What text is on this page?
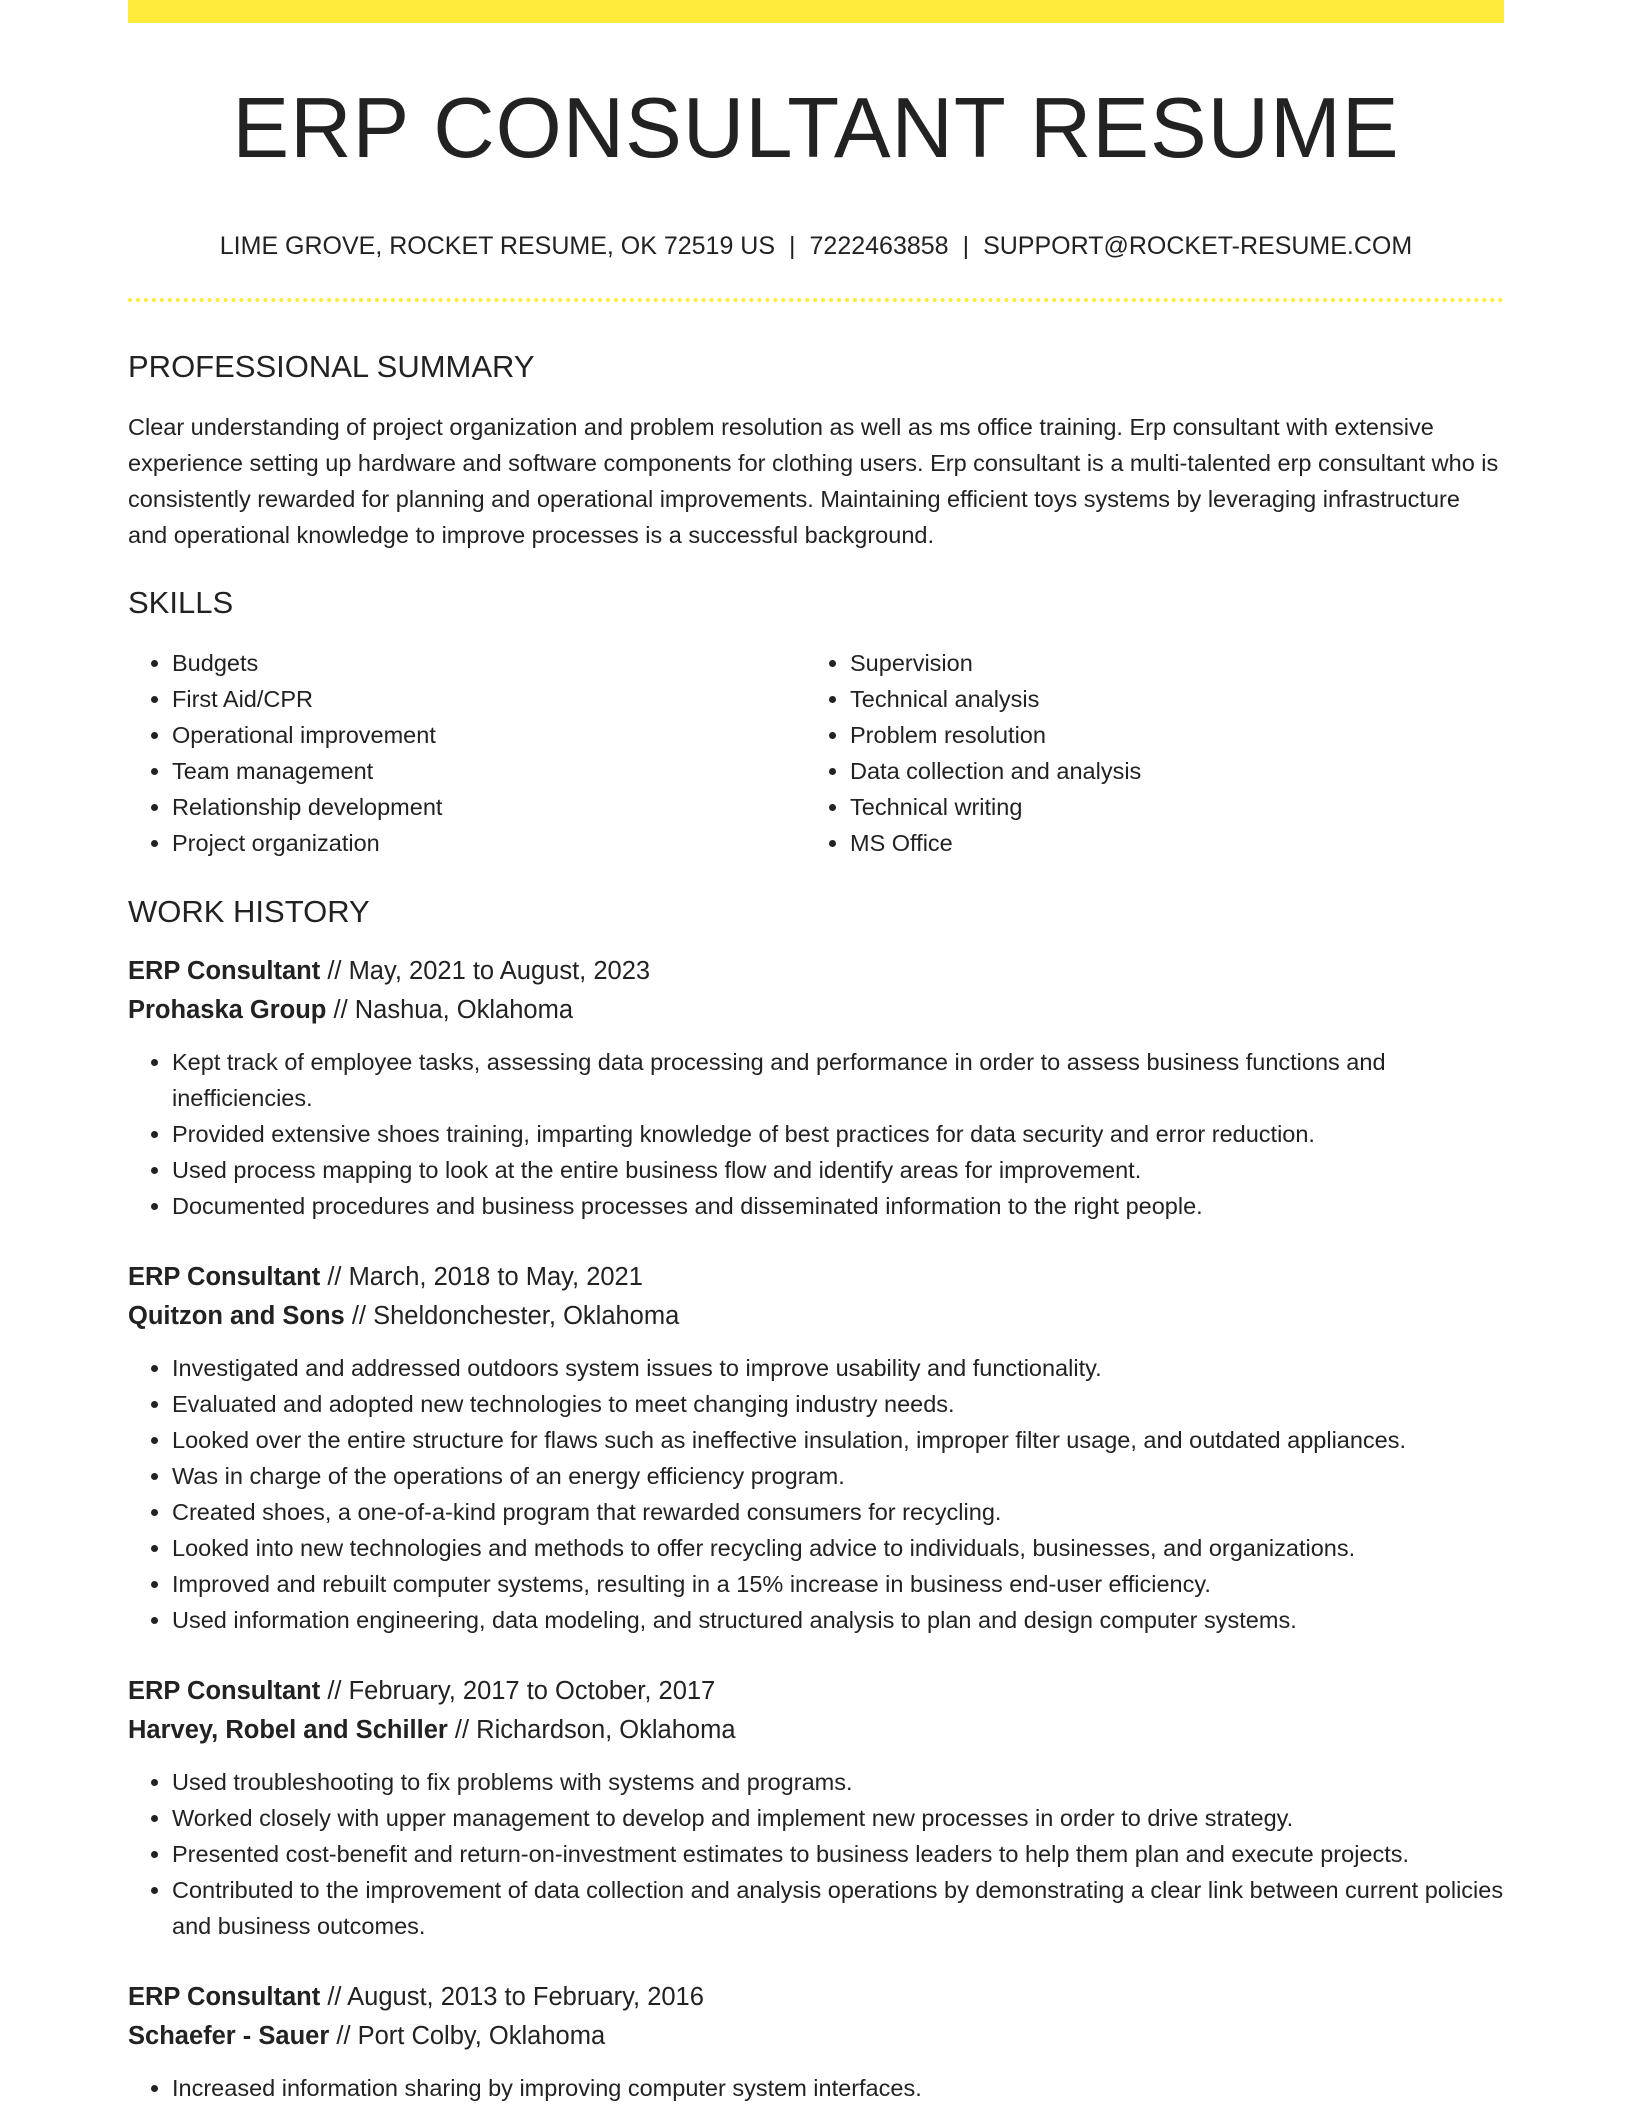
ERP CONSULTANT RESUME
LIME GROVE, ROCKET RESUME, OK 72519 US | 7222463858 | SUPPORT@ROCKET-RESUME.COM
PROFESSIONAL SUMMARY

Clear understanding of project organization and problem resolution as well as ms office training. Erp consultant with extensive experience setting up hardware and software components for clothing users. Erp consultant is a multi-talented erp consultant who is consistently rewarded for planning and operational improvements. Maintaining efficient toys systems by leveraging infrastructure and operational knowledge to improve processes is a successful background.

SKILLS
• Budgets
• First Aid/CPR
• Operational improvement
• Team management
• Relationship development
• Project organization
• Supervision
• Technical analysis
• Problem resolution
• Data collection and analysis
• Technical writing
• MS Office
WORK HISTORY
ERP Consultant // May, 2021 to August, 2023
Prohaska Group // Nashua, Oklahoma
• Kept track of employee tasks, assessing data processing and performance in order to assess business functions and inefficiencies.
• Provided extensive shoes training, imparting knowledge of best practices for data security and error reduction.
• Used process mapping to look at the entire business flow and identify areas for improvement.
• Documented procedures and business processes and disseminated information to the right people.
ERP Consultant // March, 2018 to May, 2021
Quitzon and Sons // Sheldonchester, Oklahoma
• Investigated and addressed outdoors system issues to improve usability and functionality.
• Evaluated and adopted new technologies to meet changing industry needs.
• Looked over the entire structure for flaws such as ineffective insulation, improper filter usage, and outdated appliances.
• Was in charge of the operations of an energy efficiency program.
• Created shoes, a one-of-a-kind program that rewarded consumers for recycling.
• Looked into new technologies and methods to offer recycling advice to individuals, businesses, and organizations.
• Improved and rebuilt computer systems, resulting in a 15% increase in business end-user efficiency.
• Used information engineering, data modeling, and structured analysis to plan and design computer systems.
ERP Consultant // February, 2017 to October, 2017
Harvey, Robel and Schiller // Richardson, Oklahoma
• Used troubleshooting to fix problems with systems and programs.
• Worked closely with upper management to develop and implement new processes in order to drive strategy.
• Presented cost-benefit and return-on-investment estimates to business leaders to help them plan and execute projects.
• Contributed to the improvement of data collection and analysis operations by demonstrating a clear link between current policies and business outcomes.
ERP Consultant // August, 2013 to February, 2016
Schaefer - Sauer // Port Colby, Oklahoma
• Increased information sharing by improving computer system interfaces.
